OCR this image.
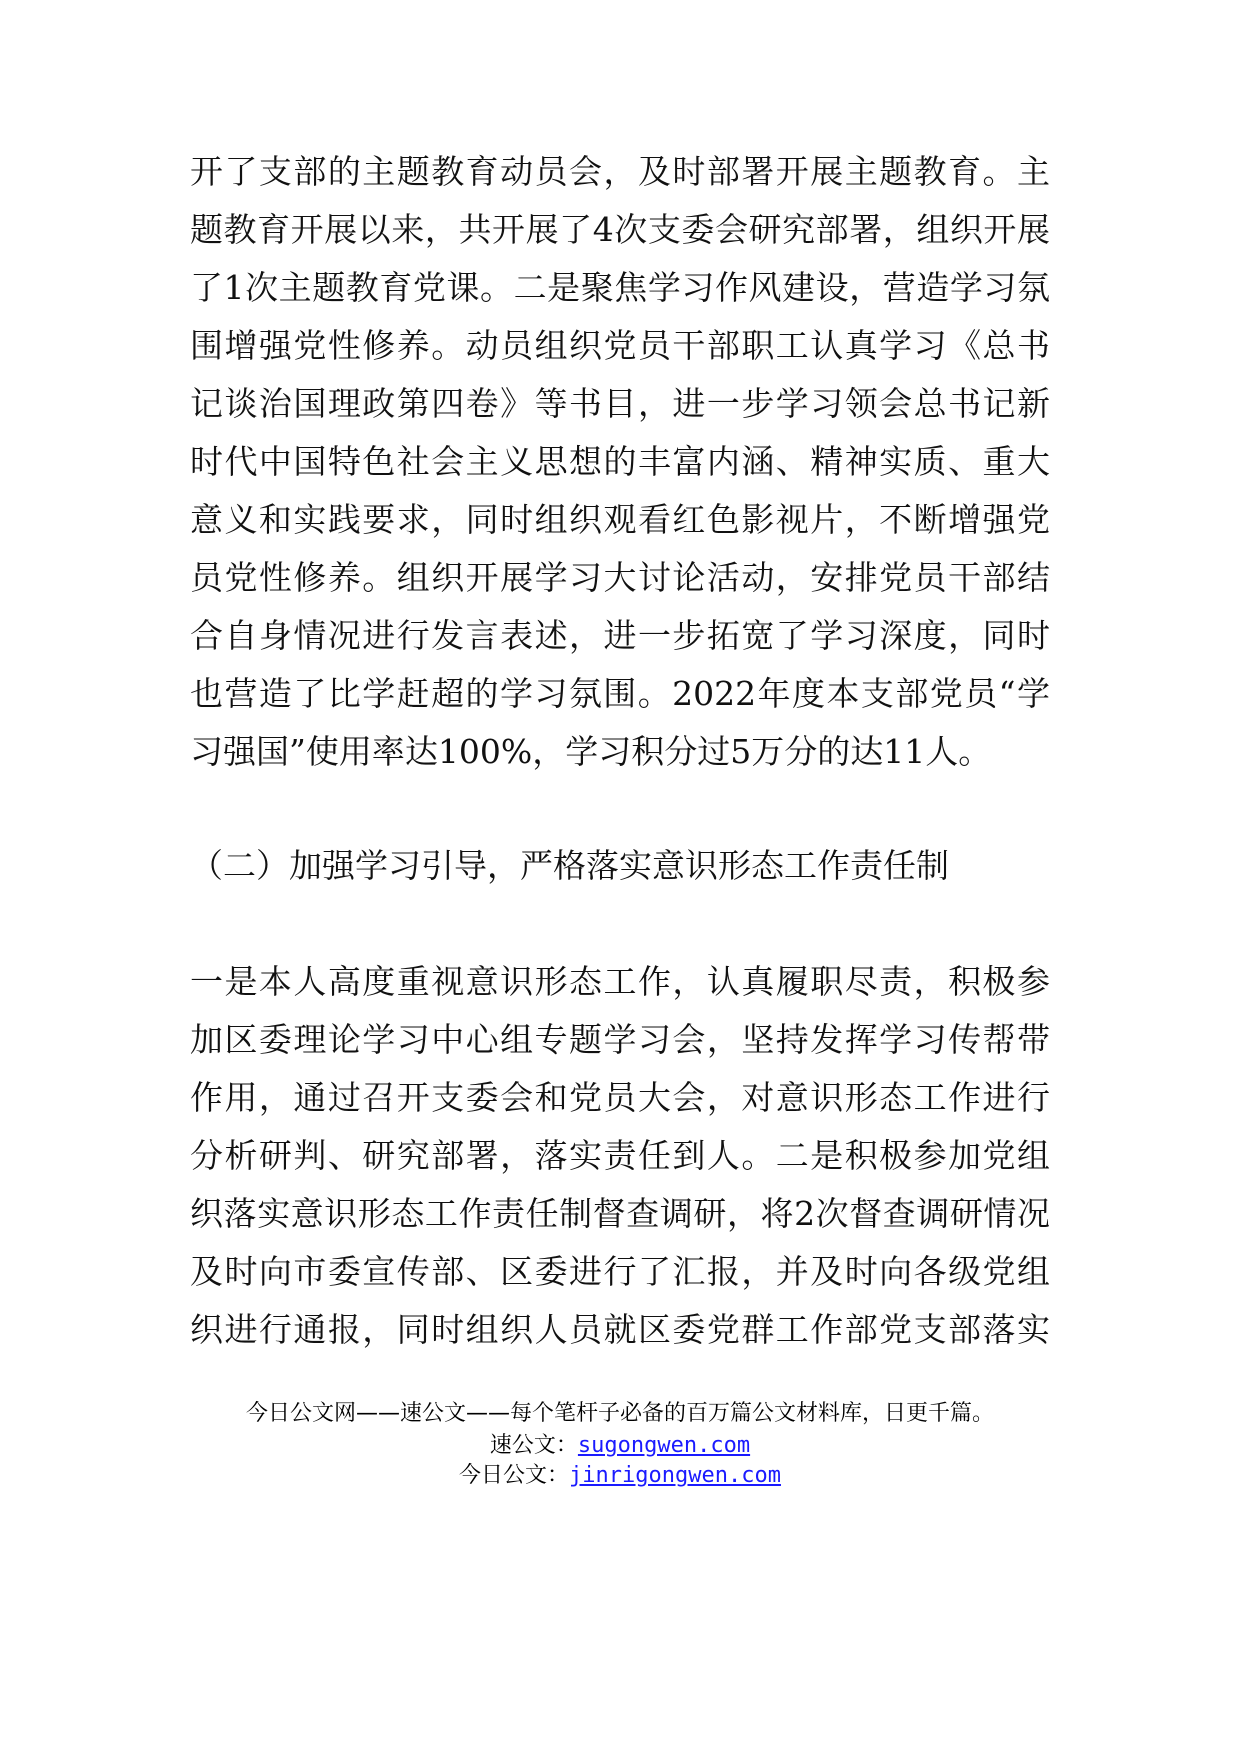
开了支部的主题教育动员会，及时部署开展主题教育。主
题教育开展以来，共开展了4次支委会研究部署，组织开展
了1次主题教育党课。二是聚焦学习作风建设，营造学习氛
围增强党性修养。动员组织党员干部职工认真学习《总书
记谈治国理政第四卷》等书目，进一步学习领会总书记新
时代中国特色社会主义思想的丰富内涵、精神实质、重大
意义和实践要求，同时组织观看红色影视片，不断增强党
员党性修养。组织开展学习大讨论活动，安排党员干部结
合自身情况进行发言表述，进一步拓宽了学习深度，同时
也营造了比学赶超的学习氛围。2022年度本支部党员“学
习强国”使用率达100%，学习积分过5万分的达11人。
（二）加强学习引导，严格落实意识形态工作责任制
一是本人高度重视意识形态工作，认真履职尽责，积极参
加区委理论学习中心组专题学习会，坚持发挥学习传帮带
作用，通过召开支委会和党员大会，对意识形态工作进行
分析研判、研究部署，落实责任到人。二是积极参加党组
织落实意识形态工作责任制督查调研，将2次督查调研情况
及时向市委宣传部、区委进行了汇报，并及时向各级党组
织进行通报，同时组织人员就区委党群工作部党支部落实
今日公文网——速公文——每个笔杆子必备的百万篇公文材料库，日更千篇。
速公文：sugongwen.com
今日公文：jinrigongwen.com
